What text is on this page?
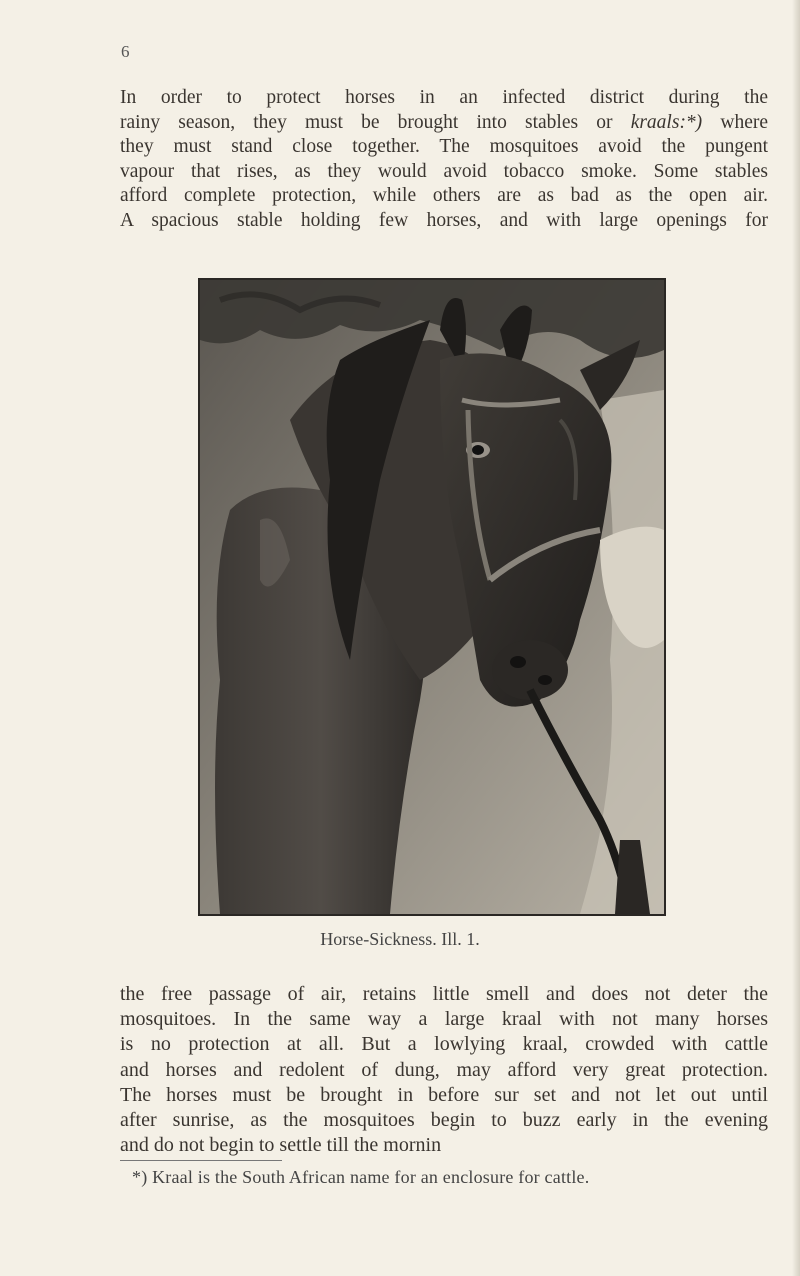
6
In order to protect horses in an infected district during the
rainy season, they must be brought into stables or kraals:*) where
they must stand close together. The mosquitoes avoid the pungent
vapour that rises, as they would avoid tobacco smoke. Some stables
afford complete protection, while others are as bad as the open air.
A spacious stable holding few horses, and with large openings for
Horse-Sickness. Ill. 1.
the free passage of air, retains little smell and does not deter the
mosquitoes. In the same way a large kraal with not many horses
is no protection at all. But a lowlying kraal, crowded with cattle
and horses and redolent of dung, may afford very great protection.
The horses must be brought in before sur set and not let out until
after sunrise, as the mosquitoes begin to buzz early in the evening
and do not begin to settle till the mornin
*) Kraal is the South African name for an enclosure for cattle.
